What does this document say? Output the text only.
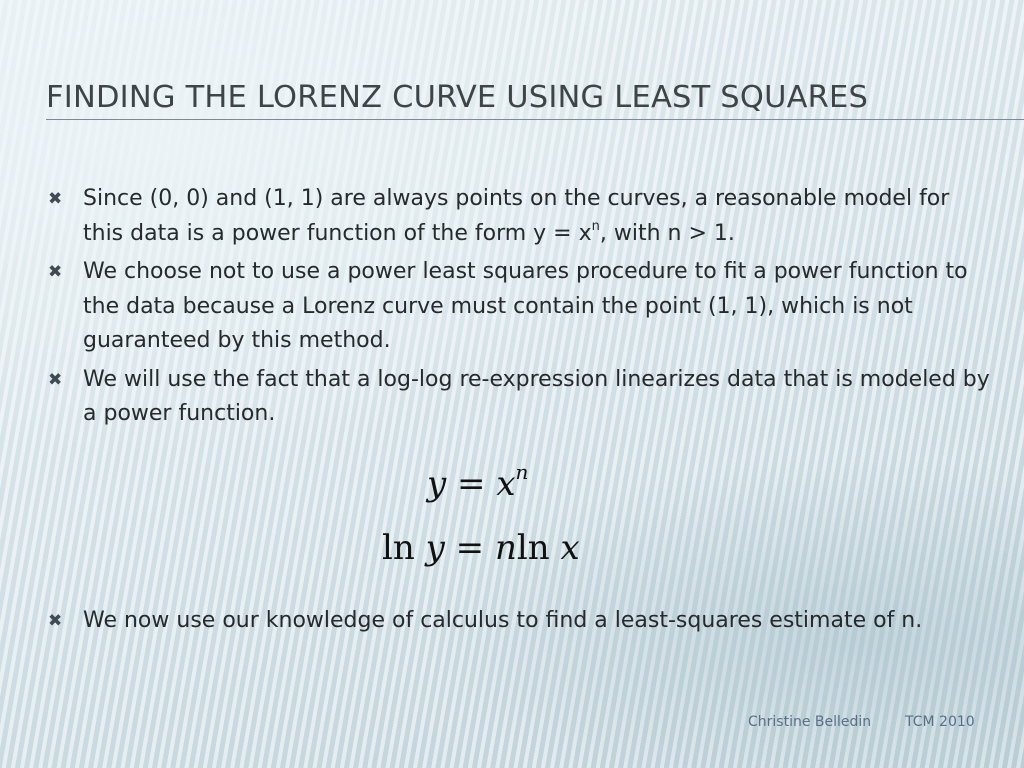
FINDING THE LORENZ CURVE USING LEAST SQUARES
✖ Since (0, 0) and (1, 1) are always points on the curves, a reasonable model for this data is a power function of the form $y = x^n$, with n > 1.
✖ We choose not to use a power least squares procedure to fit a power function to the data because a Lorenz curve must contain the point (1, 1), which is not guaranteed by this method.
✖ We will use the fact that a log-log re-expression linearizes data that is modeled by a power function.
$y = x^n$
ln y = nln x
✖ We now use our knowledge of calculus to find a least-squares estimate of n.
Christine Belledin TCM 2010
